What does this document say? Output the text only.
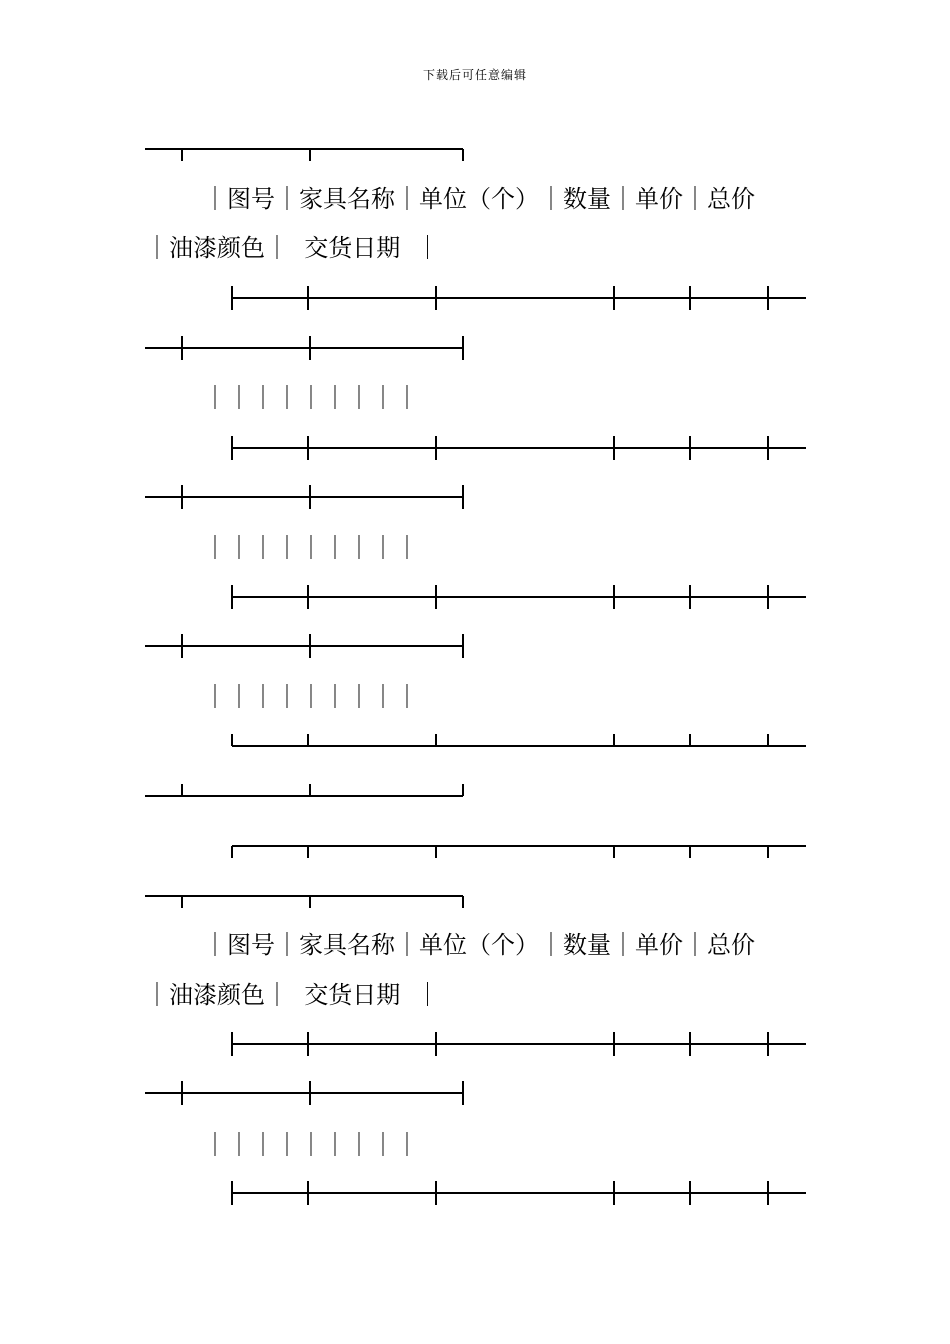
下载后可任意编辑
｜图号｜家具名称｜单位（个）｜数量｜单价｜总价
｜油漆颜色｜  交货日期  ｜
｜｜｜｜｜｜｜｜｜
｜｜｜｜｜｜｜｜｜
｜｜｜｜｜｜｜｜｜
｜图号｜家具名称｜单位（个）｜数量｜单价｜总价
｜油漆颜色｜  交货日期  ｜
｜｜｜｜｜｜｜｜｜
